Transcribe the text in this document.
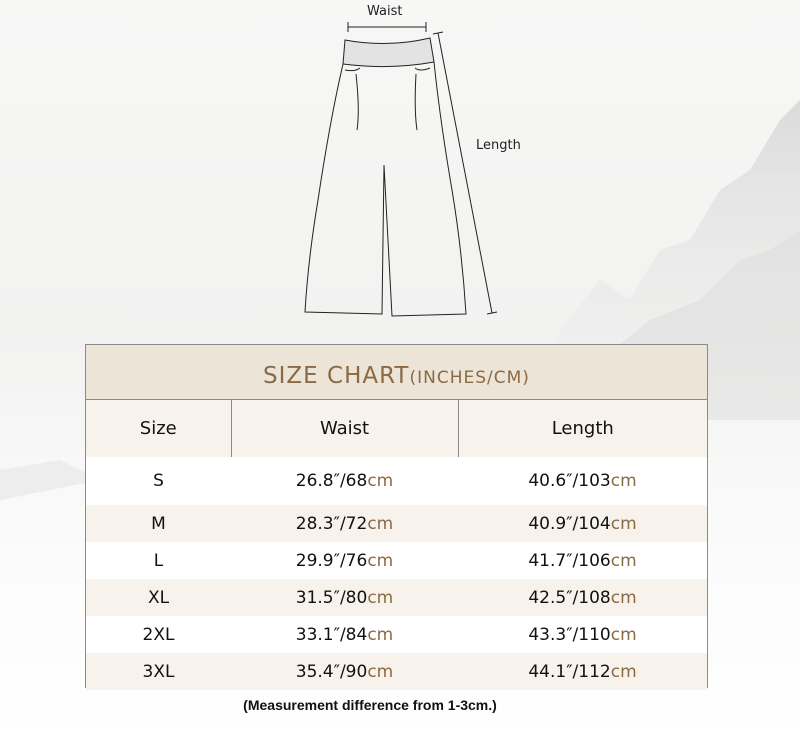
Waist
Length
SIZE CHART(INCHES/CM)
Size	Waist	Length
S	26.8″/68cm	40.6″/103cm
M	28.3″/72cm	40.9″/104cm
L	29.9″/76cm	41.7″/106cm
XL	31.5″/80cm	42.5″/108cm
2XL	33.1″/84cm	43.3″/110cm
3XL	35.4″/90cm	44.1″/112cm
(Measurement difference from 1-3cm.)
